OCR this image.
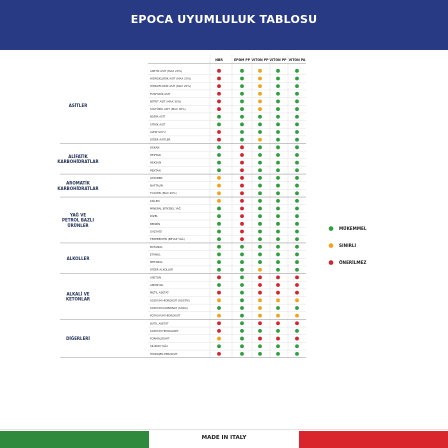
EPOCA UYUMLULUK TABLOSU
NBR	EPDM PP VITON PP VITON PP VITON PA
ASETİK ASİT (MAX 20%)
HİDROKLORİK ASİT (MAX 20%)
HİDROFLORİK ASİT (MAX 20%)
FOSFORİK ASİT
NİTRİT ASİT (MAX 30%)
SÜLFÜRİK ASİT (MAX 30%)
BORİK ASİT
SİTRİK ASİT
ALTIN SUYU
DİĞER ASİTLER
ASİTLER
DEKAN
HEPTAN
HEKSAN
PENTAN
ALİFATİK KARBOHİDRATLAR
LİMONEN
NAFTALİN
TOLUEN (MAX 40%)
AROMATİK KARBOHİDRATLAR
KSİLEN
MİNERAL BİTKİSEL YAĞ
DİZEL
BENZİN
GAZYAĞI
TEREBENTİN (BEYAZ YAĞ)
YAĞ VE PETROL BAZLI ÜRÜNLER
BUTANOL
ETANOL
METANOL
DİĞER ALKOLLER
ALKOLLER
ASETON
AMONYAK
METİL ASETAT
SODYUM HİDROKSİT (KOSTİK)
SODYUM KARBONAT (SODA)
POTASYUM HİDROKSİT
ALKALİ VE KETONLAR
BUTİL ASETAT
SODYUM HİPOKLORİT
FORMALDEHİT
SİLİKON YAĞI
HİDROJEN PEROKSİT
DİĞERLERİ
MÜKEMMEL
SINIRLI
ÖNERİLMEZ
MADE IN ITALY
